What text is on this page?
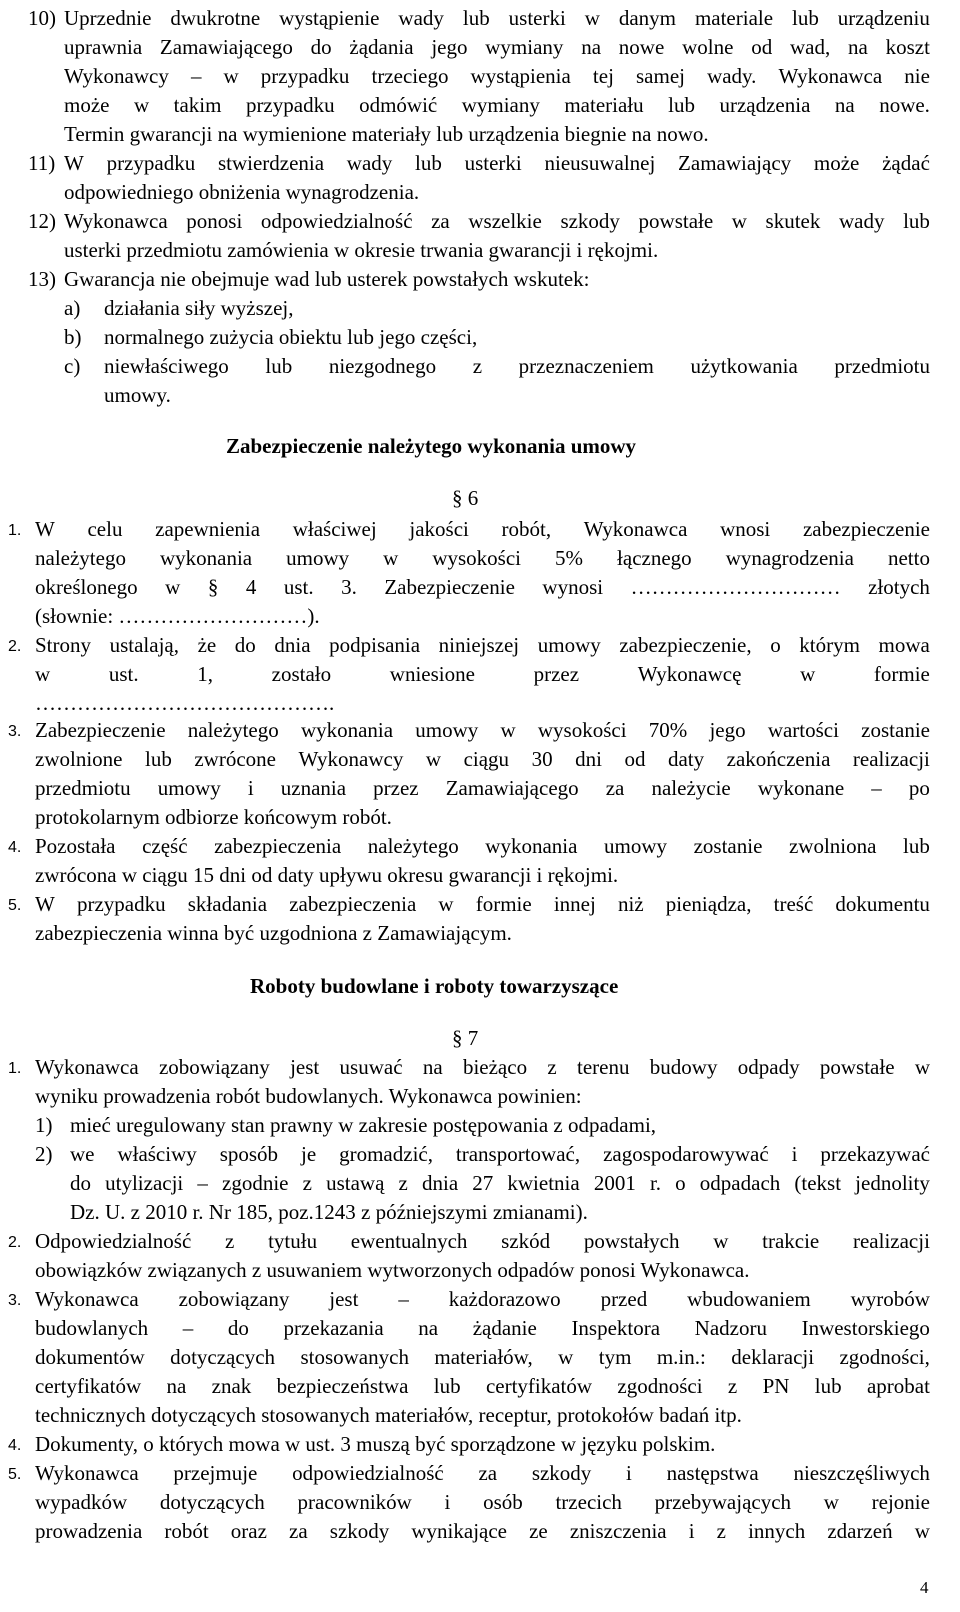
10) Uprzednie dwukrotne wystąpienie wady lub usterki w danym materiale lub urządzeniu
uprawnia Zamawiającego do żądania jego wymiany na nowe wolne od wad, na koszt
Wykonawcy – w przypadku trzeciego wystąpienia tej samej wady. Wykonawca nie
może w takim przypadku odmówić wymiany materiału lub urządzenia na nowe.
Termin gwarancji na wymienione materiały lub urządzenia biegnie na nowo.
11) W przypadku stwierdzenia wady lub usterki nieusuwalnej Zamawiający może żądać
odpowiedniego obniżenia wynagrodzenia.
12) Wykonawca ponosi odpowiedzialność za wszelkie szkody powstałe w skutek wady lub
usterki przedmiotu zamówienia w okresie trwania gwarancji i rękojmi.
13) Gwarancja nie obejmuje wad lub usterek powstałych wskutek:
a) działania siły wyższej,
b) normalnego zużycia obiektu lub jego części,
c) niewłaściwego lub niezgodnego z przeznaczeniem użytkowania przedmiotu
umowy.
Zabezpieczenie należytego wykonania umowy
§ 6
1. W celu zapewnienia właściwej jakości robót, Wykonawca wnosi zabezpieczenie
należytego wykonania umowy w wysokości 5% łącznego wynagrodzenia netto
określonego w § 4 ust. 3. Zabezpieczenie wynosi ………………………… złotych
(słownie: ………………………).
2. Strony ustalają, że do dnia podpisania niniejszej umowy zabezpieczenie, o którym mowa
w	ust.	1,	zostało	wniesione	przez	Wykonawcę	w	formie
…………………………………….
3. Zabezpieczenie należytego wykonania umowy w wysokości 70% jego wartości zostanie
zwolnione lub zwrócone Wykonawcy w ciągu 30 dni od daty zakończenia realizacji
przedmiotu umowy i uznania przez Zamawiającego za należycie wykonane – po
protokolarnym odbiorze końcowym robót.
4. Pozostała część zabezpieczenia należytego wykonania umowy zostanie zwolniona lub
zwrócona w ciągu 15 dni od daty upływu okresu gwarancji i rękojmi.
5. W przypadku składania zabezpieczenia w formie innej niż pieniądza, treść dokumentu
zabezpieczenia winna być uzgodniona z Zamawiającym.
Roboty budowlane i roboty towarzyszące
§ 7
1. Wykonawca zobowiązany jest usuwać na bieżąco z terenu budowy odpady powstałe w
wyniku prowadzenia robót budowlanych. Wykonawca powinien:
1) mieć uregulowany stan prawny w zakresie postępowania z odpadami,
2) we właściwy sposób je gromadzić, transportować, zagospodarowywać i przekazywać
do utylizacji – zgodnie z ustawą z dnia 27 kwietnia 2001 r. o odpadach (tekst jednolity
Dz. U. z 2010 r. Nr 185, poz.1243 z późniejszymi zmianami).
2. Odpowiedzialność z tytułu ewentualnych szkód powstałych w trakcie realizacji
obowiązków związanych z usuwaniem wytworzonych odpadów ponosi Wykonawca.
3. Wykonawca zobowiązany jest – każdorazowo przed wbudowaniem wyrobów
budowlanych – do przekazania na żądanie Inspektora Nadzoru Inwestorskiego
dokumentów dotyczących stosowanych materiałów, w tym m.in.: deklaracji zgodności,
certyfikatów na znak bezpieczeństwa lub certyfikatów zgodności z PN lub aprobat
technicznych dotyczących stosowanych materiałów, receptur, protokołów badań itp.
4. Dokumenty, o których mowa w ust. 3 muszą być sporządzone w języku polskim.
5. Wykonawca przejmuje odpowiedzialność za szkody i następstwa nieszczęśliwych
wypadków dotyczących pracowników i osób trzecich przebywających w rejonie
prowadzenia robót oraz za szkody wynikające ze zniszczenia i z innych zdarzeń w
4
